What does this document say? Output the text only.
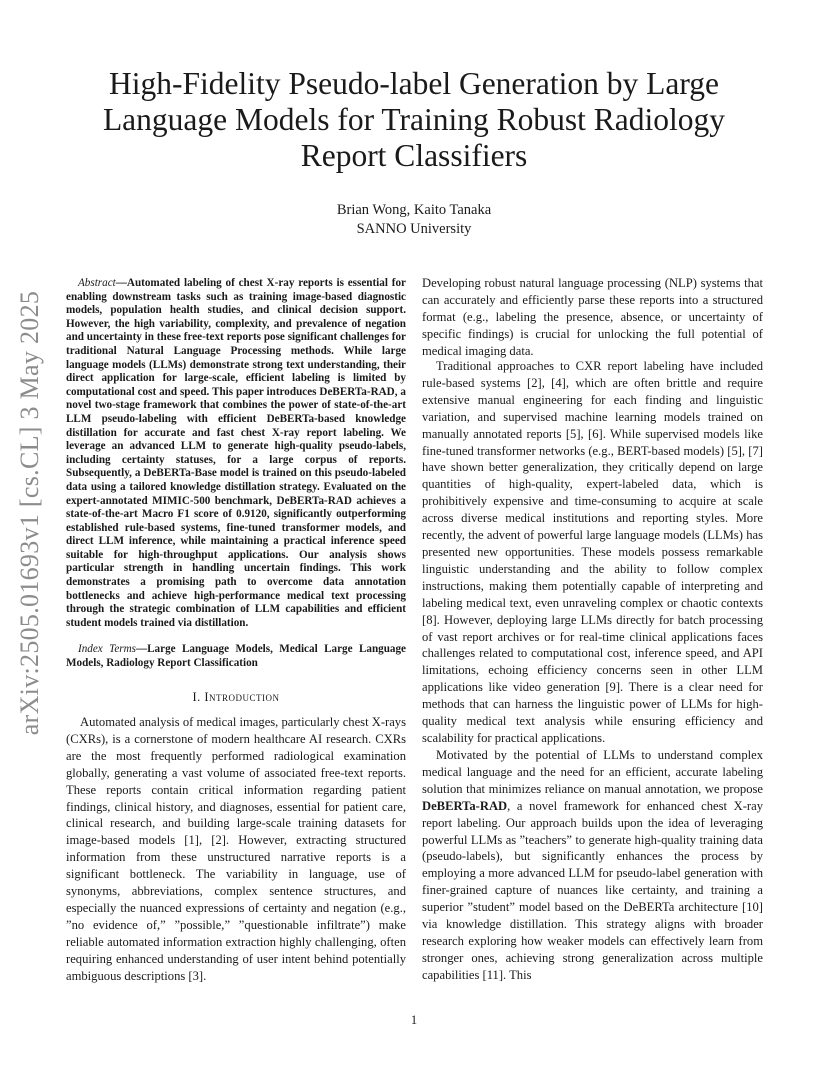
High-Fidelity Pseudo-label Generation by Large Language Models for Training Robust Radiology Report Classifiers
Brian Wong, Kaito Tanaka
SANNO University
arXiv:2505.01693v1 [cs.CL] 3 May 2025

Abstract—Automated labeling of chest X-ray reports is essential for enabling downstream tasks such as training image-based diagnostic models, population health studies, and clinical decision support. However, the high variability, complexity, and prevalence of negation and uncertainty in these free-text reports pose significant challenges for traditional Natural Language Processing methods. While large language models (LLMs) demonstrate strong text understanding, their direct application for large-scale, efficient labeling is limited by computational cost and speed. This paper introduces DeBERTa-RAD, a novel two-stage framework that combines the power of state-of-the-art LLM pseudo-labeling with efficient DeBERTa-based knowledge distillation for accurate and fast chest X-ray report labeling. We leverage an advanced LLM to generate high-quality pseudo-labels, including certainty statuses, for a large corpus of reports. Subsequently, a DeBERTa-Base model is trained on this pseudo-labeled data using a tailored knowledge distillation strategy. Evaluated on the expert-annotated MIMIC-500 benchmark, DeBERTa-RAD achieves a state-of-the-art Macro F1 score of 0.9120, significantly outperforming established rule-based systems, fine-tuned transformer models, and direct LLM inference, while maintaining a practical inference speed suitable for high-throughput applications. Our analysis shows particular strength in handling uncertain findings. This work demonstrates a promising path to overcome data annotation bottlenecks and achieve high-performance medical text processing through the strategic combination of LLM capabilities and efficient student models trained via distillation.

Index Terms—Large Language Models, Medical Large Language Models, Radiology Report Classification

I. Introduction

Automated analysis of medical images, particularly chest X-rays (CXRs), is a cornerstone of modern healthcare AI research. CXRs are the most frequently performed radiological examination globally, generating a vast volume of associated free-text reports. These reports contain critical information regarding patient findings, clinical history, and diagnoses, essential for patient care, clinical research, and building large-scale training datasets for image-based models [1], [2]. However, extracting structured information from these unstructured narrative reports is a significant bottleneck. The variability in language, use of synonyms, abbreviations, complex sentence structures, and especially the nuanced expressions of certainty and negation (e.g., ”no evidence of,” ”possible,” ”questionable infiltrate”) make reliable automated information extraction highly challenging, often requiring enhanced understanding of user intent behind potentially ambiguous descriptions [3].

Developing robust natural language processing (NLP) systems that can accurately and efficiently parse these reports into a structured format (e.g., labeling the presence, absence, or uncertainty of specific findings) is crucial for unlocking the full potential of medical imaging data.

Traditional approaches to CXR report labeling have included rule-based systems [2], [4], which are often brittle and require extensive manual engineering for each finding and linguistic variation, and supervised machine learning models trained on manually annotated reports [5], [6]. While supervised models like fine-tuned transformer networks (e.g., BERT-based models) [5], [7] have shown better generalization, they critically depend on large quantities of high-quality, expert-labeled data, which is prohibitively expensive and time-consuming to acquire at scale across diverse medical institutions and reporting styles. More recently, the advent of powerful large language models (LLMs) has presented new opportunities. These models possess remarkable linguistic understanding and the ability to follow complex instructions, making them potentially capable of interpreting and labeling medical text, even unraveling complex or chaotic contexts [8]. However, deploying large LLMs directly for batch processing of vast report archives or for real-time clinical applications faces challenges related to computational cost, inference speed, and API limitations, echoing efficiency concerns seen in other LLM applications like video generation [9]. There is a clear need for methods that can harness the linguistic power of LLMs for high-quality medical text analysis while ensuring efficiency and scalability for practical applications.

Motivated by the potential of LLMs to understand complex medical language and the need for an efficient, accurate labeling solution that minimizes reliance on manual annotation, we propose DeBERTa-RAD, a novel framework for enhanced chest X-ray report labeling. Our approach builds upon the idea of leveraging powerful LLMs as ”teachers” to generate high-quality training data (pseudo-labels), but significantly enhances the process by employing a more advanced LLM for pseudo-label generation with finer-grained capture of nuances like certainty, and training a superior ”student” model based on the DeBERTa architecture [10] via knowledge distillation. This strategy aligns with broader research exploring how weaker models can effectively learn from stronger ones, achieving strong generalization across multiple capabilities [11]. This

1
